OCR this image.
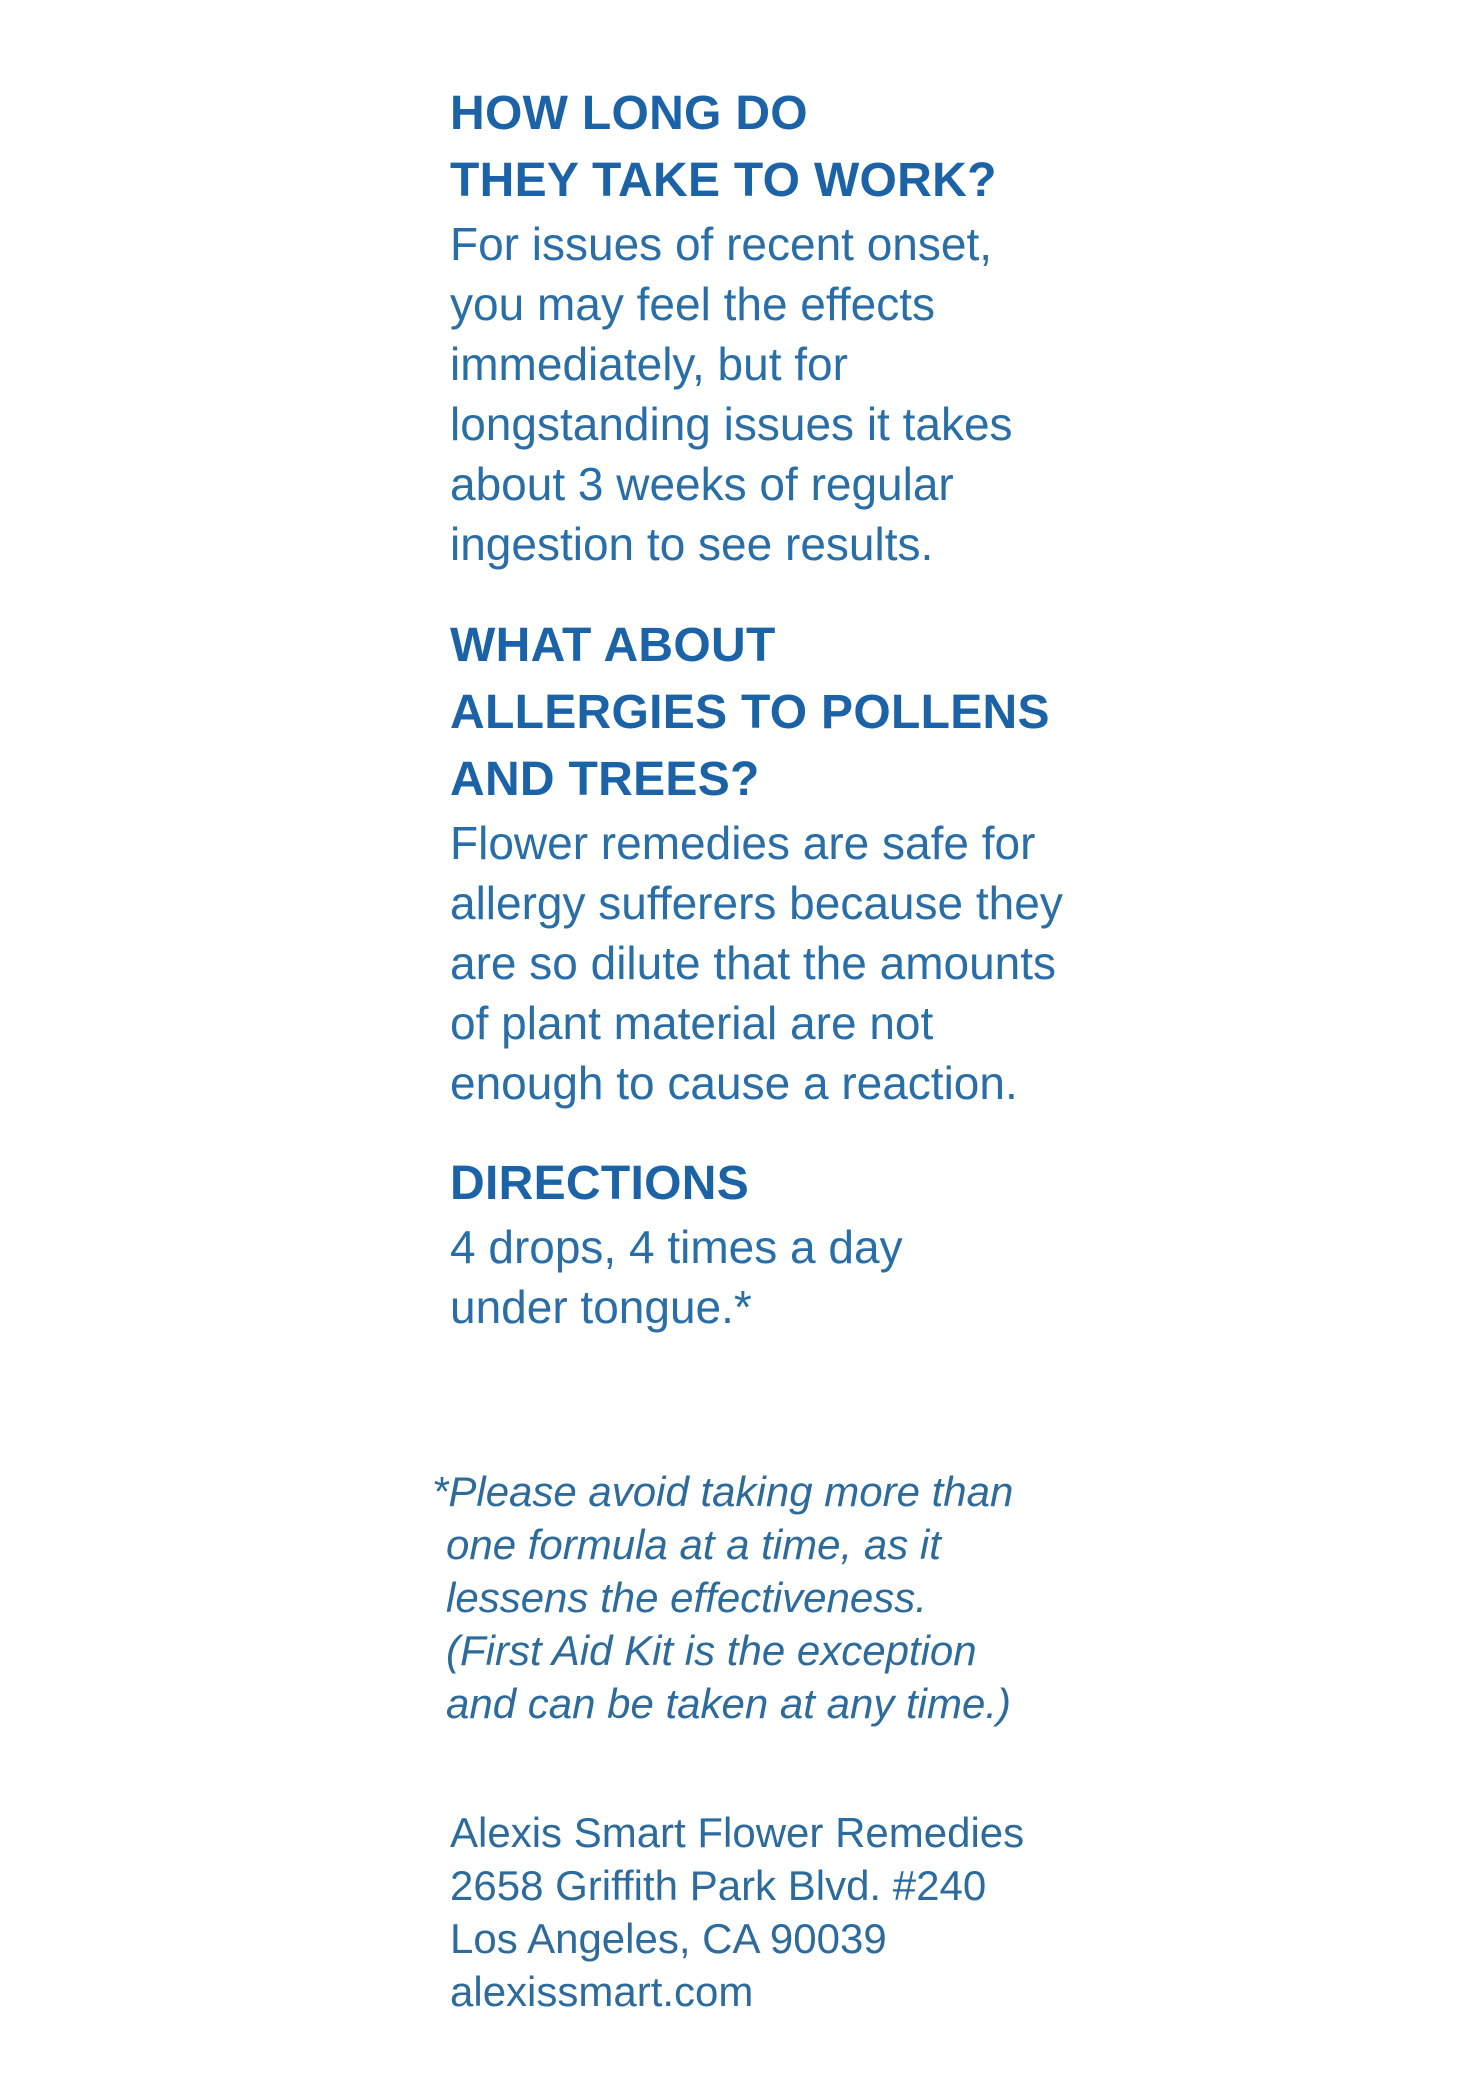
HOW LONG DO
THEY TAKE TO WORK?
For issues of recent onset,
you may feel the effects
immediately, but for
longstanding issues it takes
about 3 weeks of regular
ingestion to see results.
WHAT ABOUT
ALLERGIES TO POLLENS
AND TREES?
Flower remedies are safe for
allergy sufferers because they
are so dilute that the amounts
of plant material are not
enough to cause a reaction.
DIRECTIONS
4 drops, 4 times a day
under tongue.*
*Please avoid taking more than
one formula at a time, as it
lessens the effectiveness.
(First Aid Kit is the exception
and can be taken at any time.)
Alexis Smart Flower Remedies
2658 Griffith Park Blvd. #240
Los Angeles, CA 90039
alexissmart.com
